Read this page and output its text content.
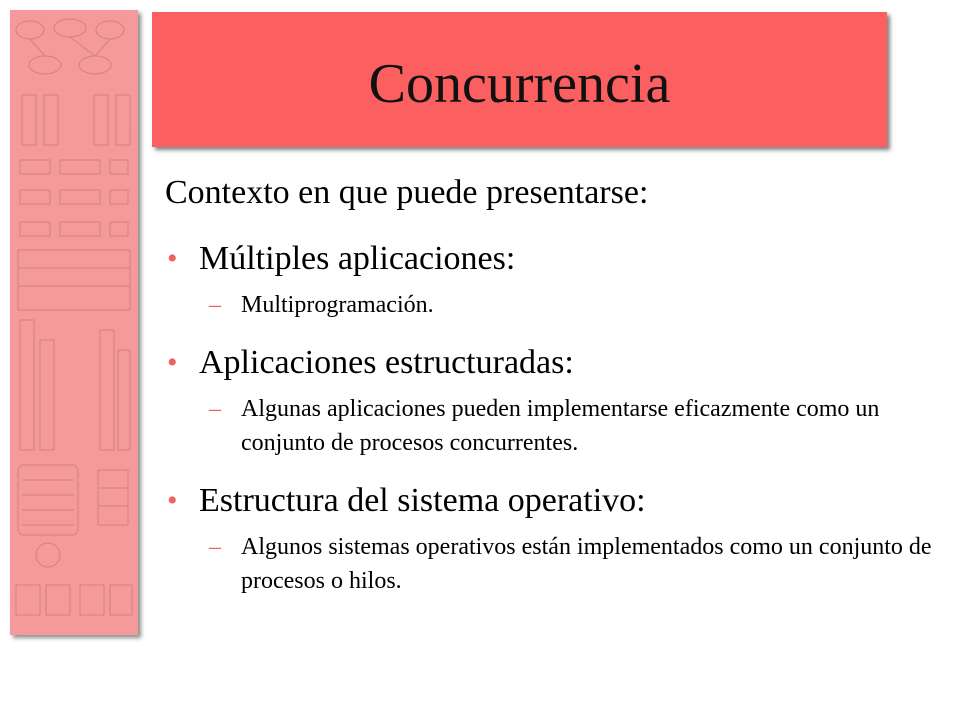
Concurrencia

Contexto en que puede presentarse:

• Múltiples aplicaciones:

– Multiprogramación.

• Aplicaciones estructuradas:

– Algunas aplicaciones pueden implementarse eficazmente como un conjunto de procesos concurrentes.

• Estructura del sistema operativo:

– Algunos sistemas operativos están implementados como un conjunto de procesos o hilos.
